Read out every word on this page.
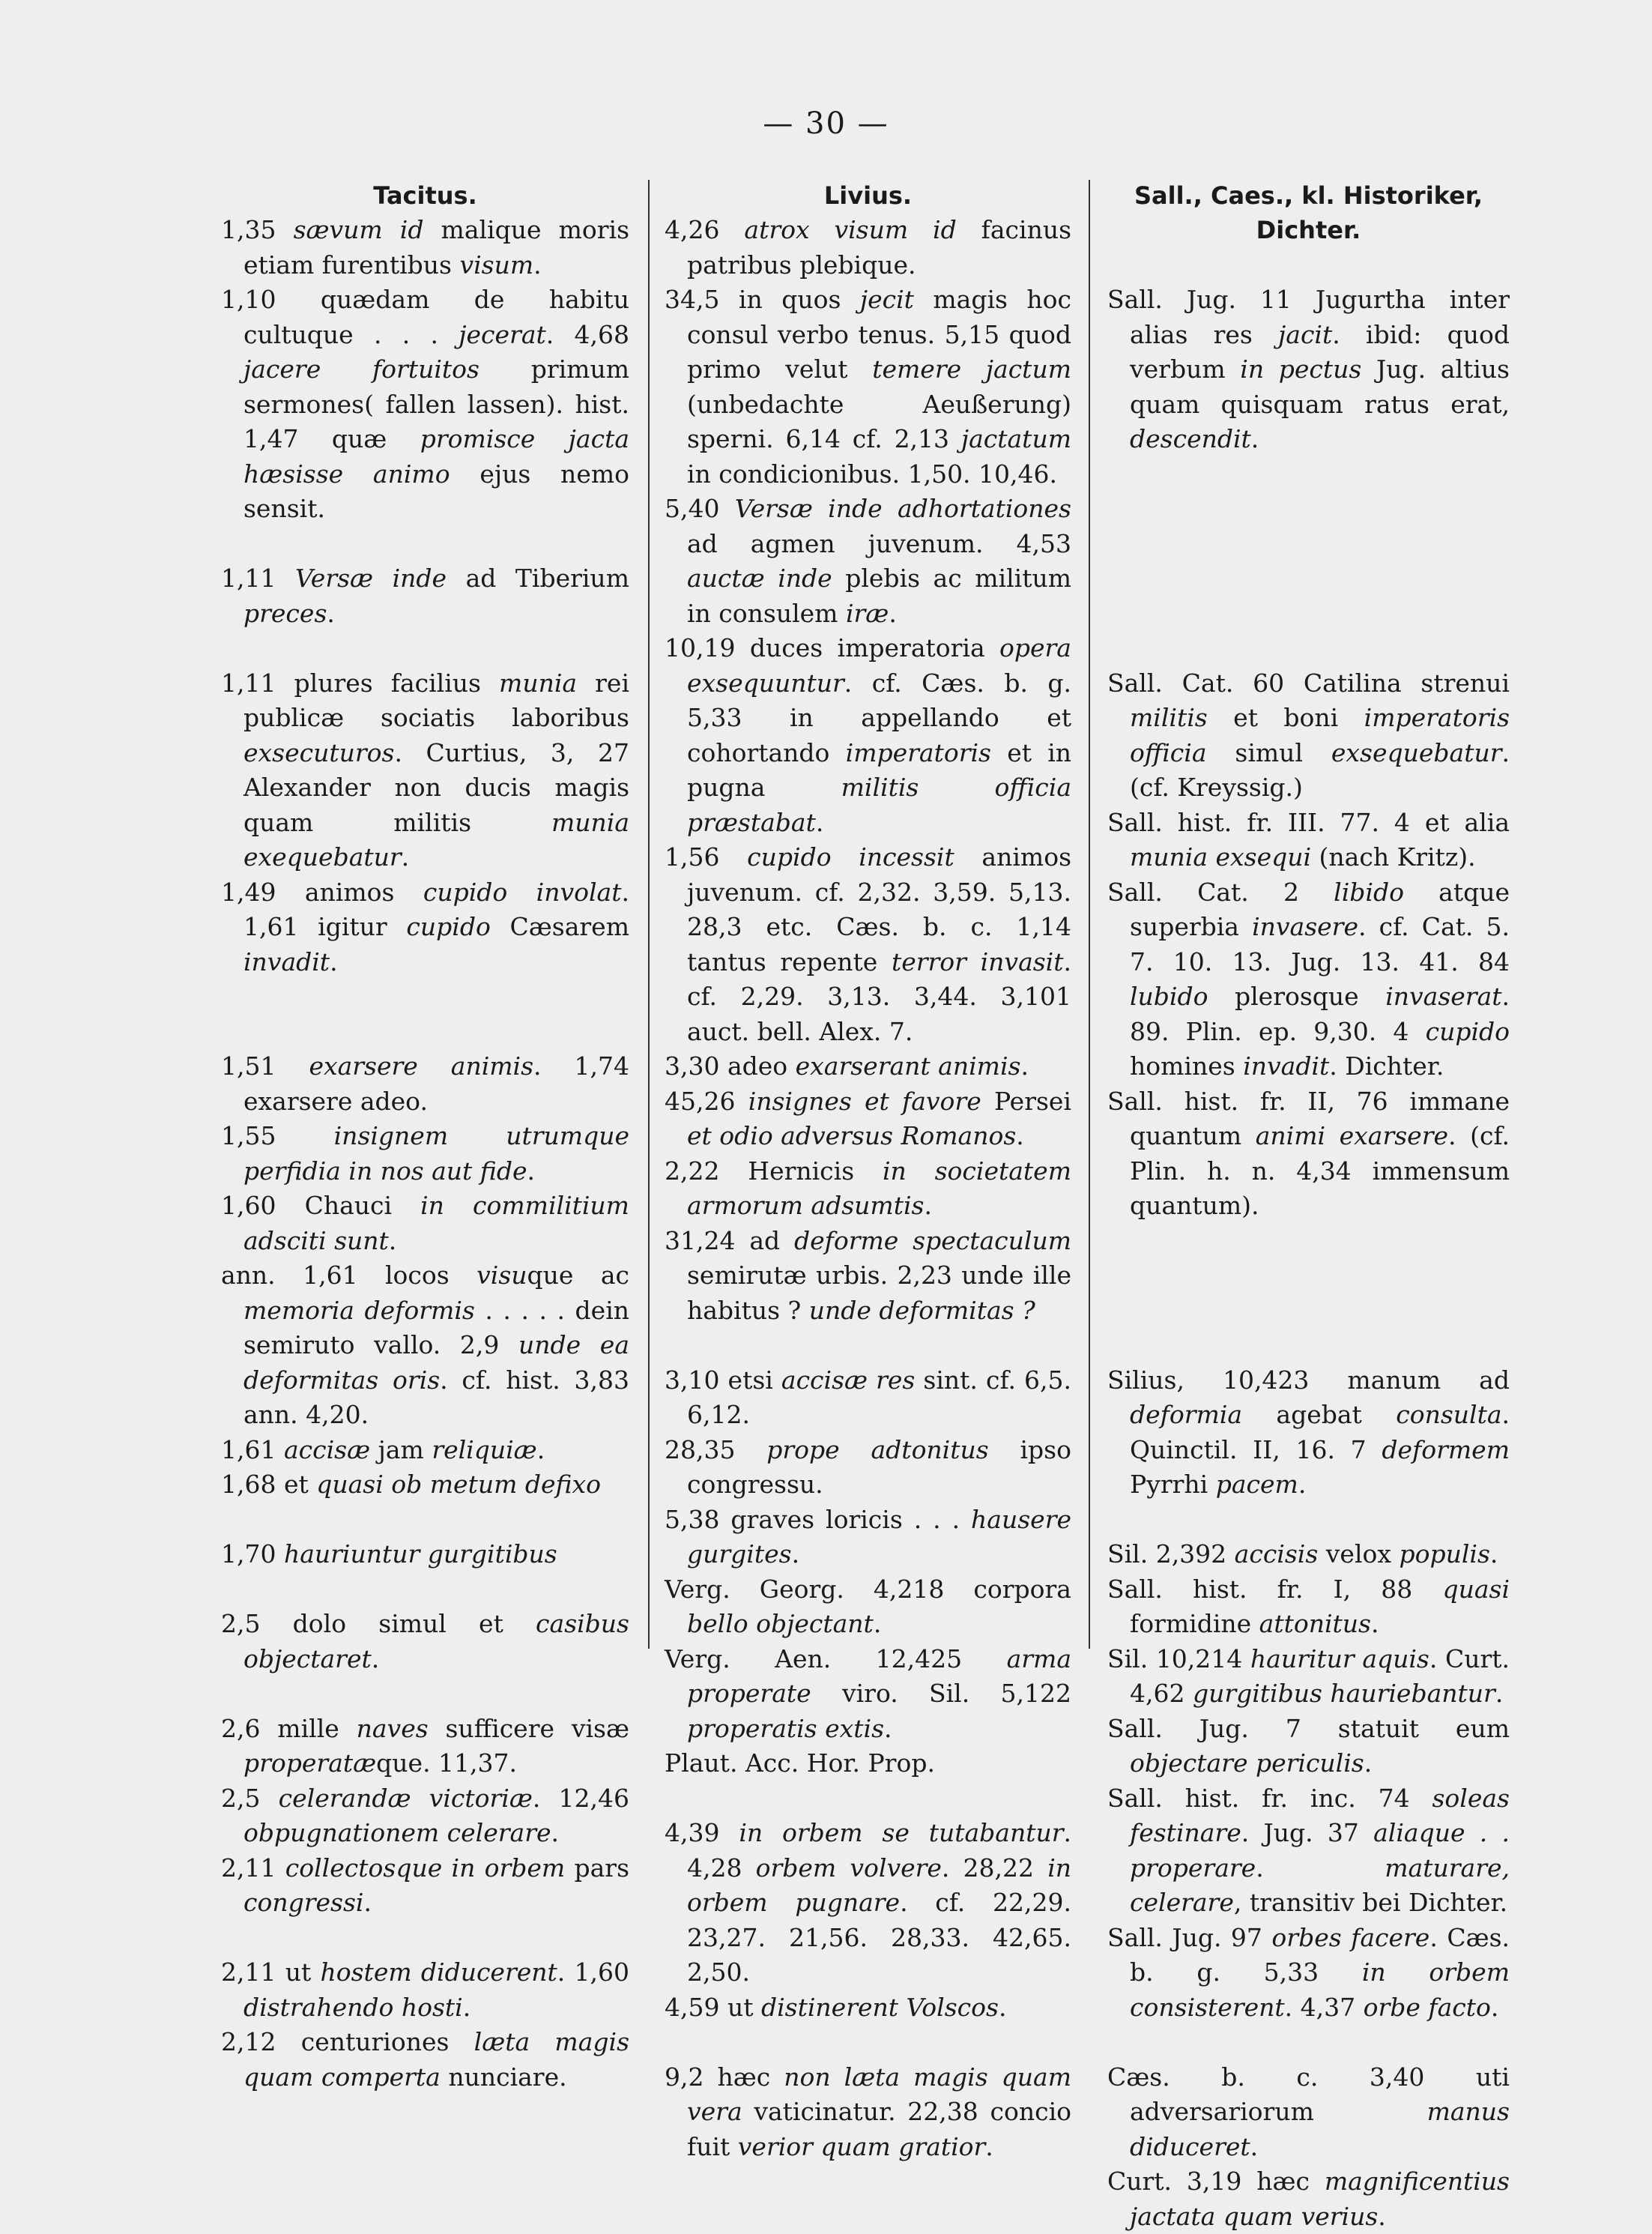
— 30 —
Tacitus.
1,35 sævum id malique moris etiam furentibus visum.
1,10 quædam de habitu cultuque . . . jecerat. 4,68 jacere fortuitos primum sermones( fallen lassen). hist. 1,47 quæ promisce jacta hæsisse animo ejus nemo sensit.
1,11 Versæ inde ad Tiberium preces.
1,11 plures facilius munia rei publicæ sociatis laboribus exsecuturos. Curtius, 3, 27 Alexander non ducis magis quam militis munia exequebatur.
1,49 animos cupido involat. 1,61 igitur cupido Cæsarem invadit.
1,51 exarsere animis. 1,74 exarsere adeo.
1,55 insignem utrumque perfidia in nos aut fide.
1,60 Chauci in commilitium adsciti sunt.
ann. 1,61 locos visuque ac memoria deformis . . . . . dein semiruto vallo. 2,9 unde ea deformitas oris. cf. hist. 3,83 ann. 4,20.
1,61 accisæ jam reliquiæ.
1,68 et quasi ob metum defixo
1,70 hauriuntur gurgitibus
2,5 dolo simul et casibus objectaret.
2,6 mille naves sufficere visæ properatæque. 11,37.
2,5 celerandæ victoriæ. 12,46 obpugnationem celerare.
2,11 collectosque in orbem pars congressi.
2,11 ut hostem diducerent. 1,60 distrahendo hosti.
2,12 centuriones læta magis quam comperta nunciare.
Livius.
4,26 atrox visum id facinus patribus plebique.
34,5 in quos jecit magis hoc consul verbo tenus. 5,15 quod primo velut temere jactum (unbedachte Aeußerung) sperni. 6,14 cf. 2,13 jactatum in condicionibus. 1,50. 10,46.
5,40 Versæ inde adhortationes ad agmen juvenum. 4,53 auctæ inde plebis ac militum in consulem iræ.
10,19 duces imperatoria opera exsequuntur. cf. Cæs. b. g. 5,33 in appellando et cohortando imperatoris et in pugna militis officia præstabat.
1,56 cupido incessit animos juvenum. cf. 2,32. 3,59. 5,13. 28,3 etc. Cæs. b. c. 1,14 tantus repente terror invasit. cf. 2,29. 3,13. 3,44. 3,101 auct. bell. Alex. 7.
3,30 adeo exarserant animis.
45,26 insignes et favore Persei et odio adversus Romanos.
2,22 Hernicis in societatem armorum adsumtis.
31,24 ad deforme spectaculum semirutæ urbis. 2,23 unde ille habitus ? unde deformitas ?
3,10 etsi accisæ res sint. cf. 6,5. 6,12.
28,35 prope adtonitus ipso congressu.
5,38 graves loricis . . . hausere gurgites.
Verg. Georg. 4,218 corpora bello objectant.
Verg. Aen. 12,425 arma properate viro. Sil. 5,122 properatis extis.
Plaut. Acc. Hor. Prop.
4,39 in orbem se tutabantur. 4,28 orbem volvere. 28,22 in orbem pugnare. cf. 22,29. 23,27. 21,56. 28,33. 42,65. 2,50.
4,59 ut distinerent Volscos.
9,2 hæc non læta magis quam vera vaticinatur. 22,38 concio fuit verior quam gratior.
Sall., Caes., kl. Historiker, Dichter.
Sall. Jug. 11 Jugurtha inter alias res jacit. ibid: quod verbum in pectus Jug. altius quam quisquam ratus erat, descendit.
Sall. Cat. 60 Catilina strenui militis et boni imperatoris officia simul exsequebatur. (cf. Kreyssig.)
Sall. hist. fr. III. 77. 4 et alia munia exsequi (nach Kritz).
Sall. Cat. 2 libido atque superbia invasere. cf. Cat. 5. 7. 10. 13. Jug. 13. 41. 84 lubido plerosque invaserat. 89. Plin. ep. 9,30. 4 cupido homines invadit. Dichter.
Sall. hist. fr. II, 76 immane quantum animi exarsere. (cf. Plin. h. n. 4,34 immensum quantum).
Silius, 10,423 manum ad deformia agebat consulta. Quinctil. II, 16. 7 deformem Pyrrhi pacem.
Sil. 2,392 accisis velox populis.
Sall. hist. fr. I, 88 quasi formidine attonitus.
Sil. 10,214 hauritur aquis. Curt. 4,62 gurgitibus hauriebantur.
Sall. Jug. 7 statuit eum objectare periculis.
Sall. hist. fr. inc. 74 soleas festinare. Jug. 37 aliaque . . properare. maturare, celerare, transitiv bei Dichter.
Sall. Jug. 97 orbes facere. Cæs. b. g. 5,33 in orbem consisterent. 4,37 orbe facto.
Cæs. b. c. 3,40 uti adversariorum manus diduceret.
Curt. 3,19 hæc magnificentius jactata quam verius.
